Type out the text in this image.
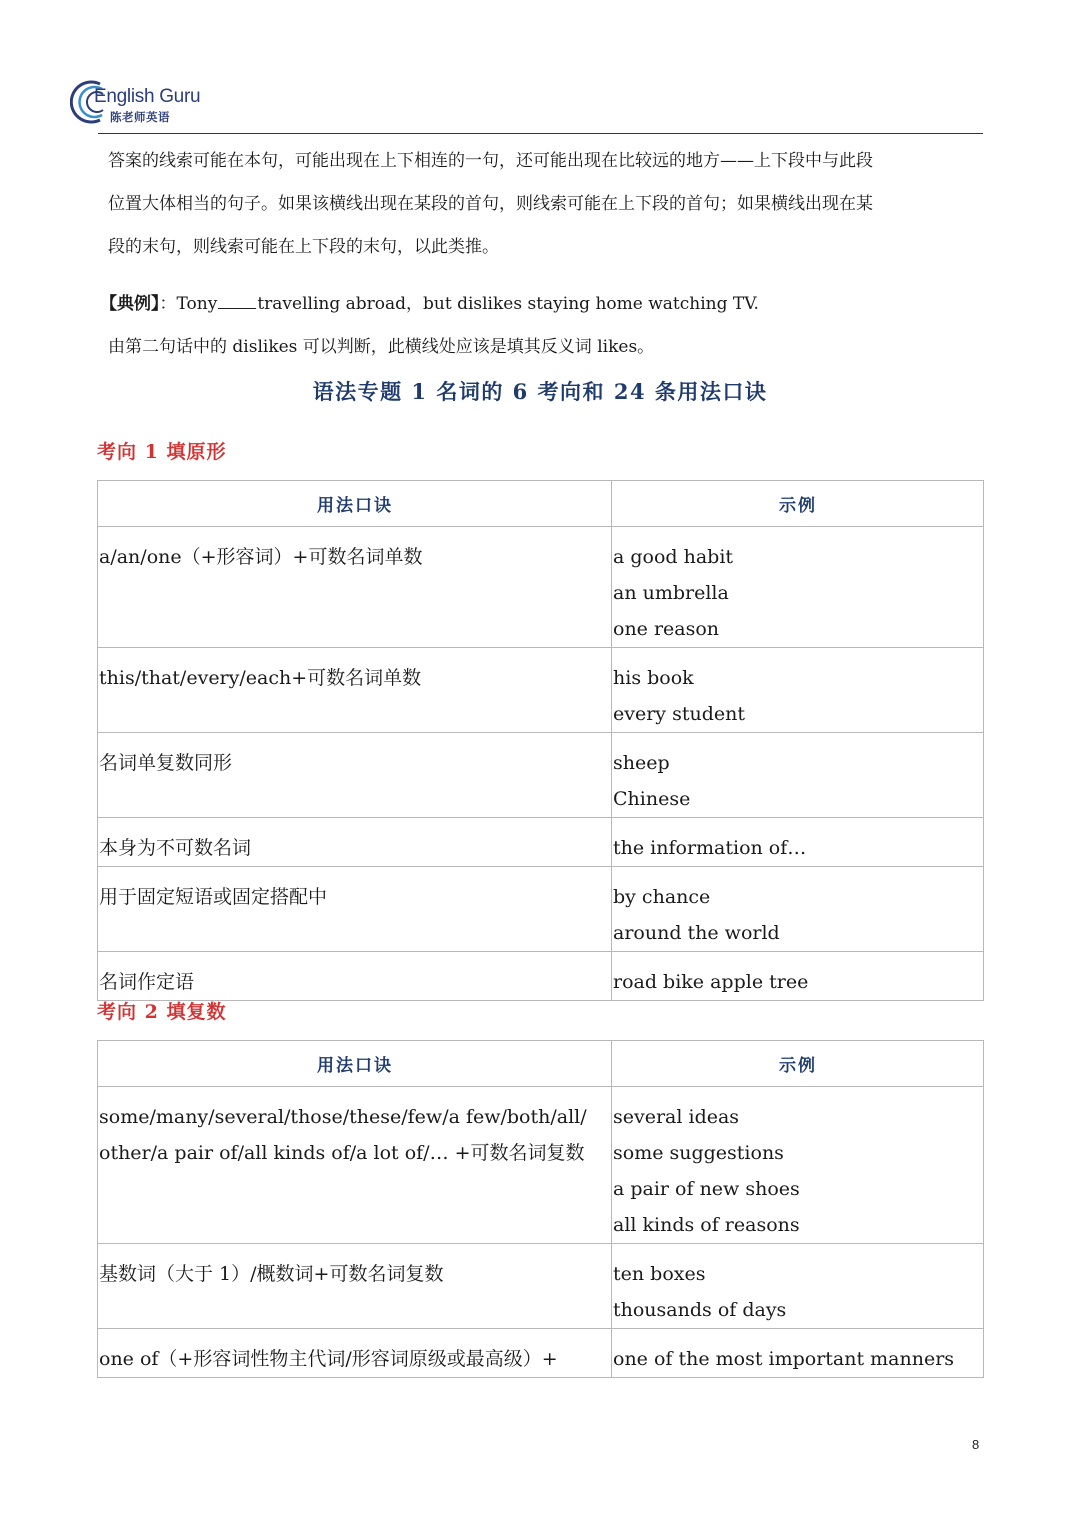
English Guru
陈老师英语

答案的线索可能在本句，可能出现在上下相连的一句，还可能出现在比较远的地方——上下段中与此段

位置大体相当的句子。如果该横线出现在某段的首句，则线索可能在上下段的首句；如果横线出现在某

段的末句，则线索可能在上下段的末句，以此类推。

【典例】：Tony travelling abroad，but dislikes staying home watching TV.

由第二句话中的 dislikes 可以判断，此横线处应该是填其反义词 likes。

语法专题 1 名词的 6 考向和 24 条用法口诀
考向 1 填原形
用法口诀	示例

a/an/one（+形容词）+可数名词单数	a good habit
an umbrella
one reason

this/that/every/each+可数名词单数	his book
every student

名词单复数同形	sheep
Chinese

本身为不可数名词	the information of…

用于固定短语或固定搭配中	by chance
around the world

名词作定语	road bike apple tree
考向 2 填复数
用法口诀	示例

some/many/several/those/these/few/a few/both/all/
other/a pair of/all kinds of/a lot of/… +可数名词复数	several ideas
some suggestions
a pair of new shoes
all kinds of reasons

基数词（大于 1）/概数词+可数名词复数	ten boxes
thousands of days

one of（+形容词性物主代词/形容词原级或最高级）+	one of the most important manners
8
